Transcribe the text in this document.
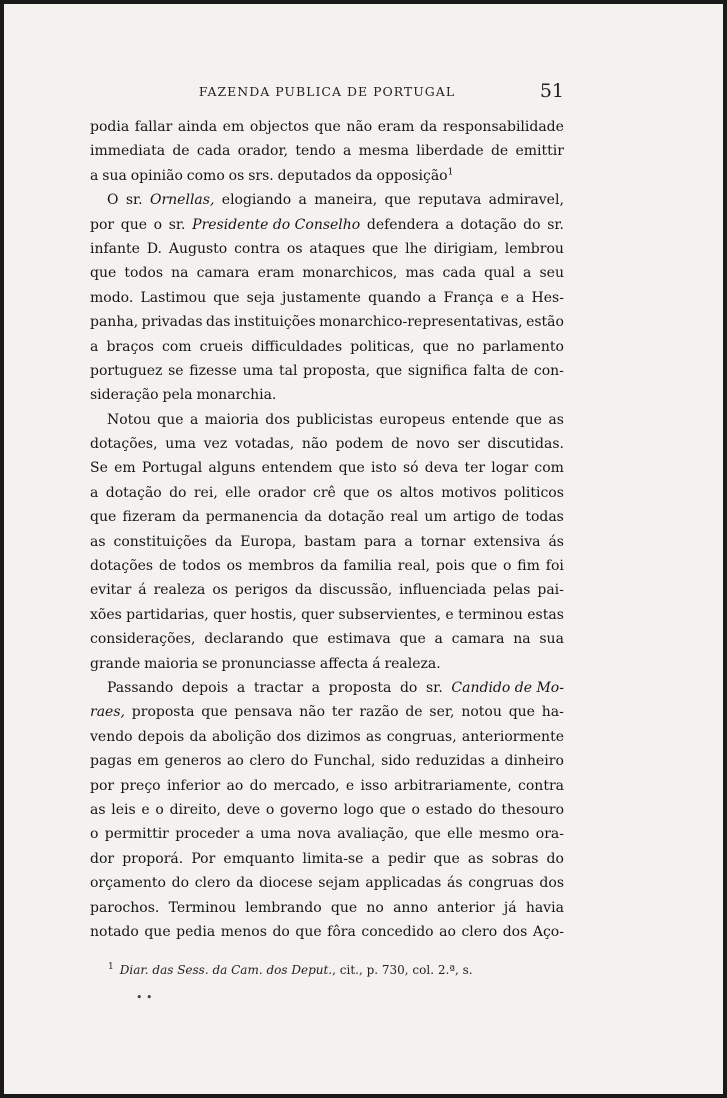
FAZENDA PUBLICA DE PORTUGAL	51
podia fallar ainda em objectos que não eram da responsabilidade
immediata de cada orador, tendo a mesma liberdade de emittir
a sua opinião como os srs. deputados da opposição$^1$
O sr. Ornellas, elogiando a maneira, que reputava admiravel,
por que o sr. Presidente do Conselho defendera a dotação do sr.
infante D. Augusto contra os ataques que lhe dirigiam, lembrou
que todos na camara eram monarchicos, mas cada qual a seu
modo. Lastimou que seja justamente quando a França e a Hes-
panha, privadas das instituições monarchico-representativas, estão
a braços com crueis difficuldades politicas, que no parlamento
portuguez se fizesse uma tal proposta, que significa falta de con-
sideração pela monarchia.
Notou que a maioria dos publicistas europeus entende que as
dotações, uma vez votadas, não podem de novo ser discutidas.
Se em Portugal alguns entendem que isto só deva ter logar com
a dotação do rei, elle orador crê que os altos motivos politicos
que fizeram da permanencia da dotação real um artigo de todas
as constituições da Europa, bastam para a tornar extensiva ás
dotações de todos os membros da familia real, pois que o fim foi
evitar á realeza os perigos da discussão, influenciada pelas pai-
xões partidarias, quer hostis, quer subservientes, e terminou estas
considerações, declarando que estimava que a camara na sua
grande maioria se pronunciasse affecta á realeza.
Passando depois a tractar a proposta do sr. Candido de Mo-
raes, proposta que pensava não ter razão de ser, notou que ha-
vendo depois da abolição dos dizimos as congruas, anteriormente
pagas em generos ao clero do Funchal, sido reduzidas a dinheiro
por preço inferior ao do mercado, e isso arbitrariamente, contra
as leis e o direito, deve o governo logo que o estado do thesouro
o permittir proceder a uma nova avaliação, que elle mesmo ora-
dor proporá. Por emquanto limita-se a pedir que as sobras do
orçamento do clero da diocese sejam applicadas ás congruas dos
parochos. Terminou lembrando que no anno anterior já havia
notado que pedia menos do que fôra concedido ao clero dos Aço-
$^1$ Diar. das Sess. da Cam. dos Deput., cit., p. 730, col. 2.ª, s.
• •
